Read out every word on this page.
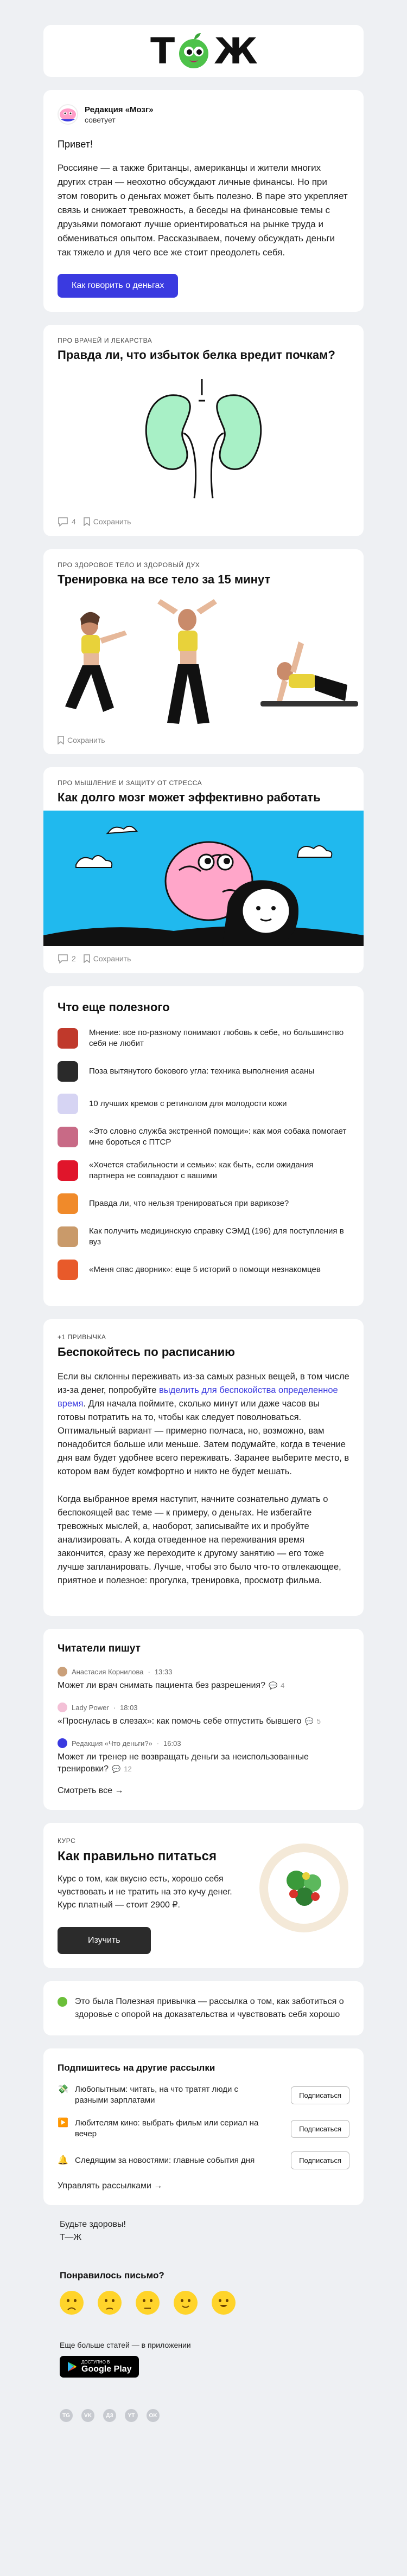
Т Ж
Редакция «Мозг»
советует
Привет!

Россияне — а также британцы, американцы и жители многих других стран — неохотно обсуждают личные финансы. Но при этом говорить о деньгах может быть полезно. В паре это укрепляет связь и снижает тревожность, а беседы на финансовые темы с друзьями помогают лучше ориентироваться на рынке труда и обмениваться опытом. Рассказываем, почему обсуждать деньги так тяжело и для чего все же стоит преодолеть себя.

Как говорить о деньгах
ПРО ВРАЧЕЙ И ЛЕКАРСТВА
Правда ли, что избыток белка вредит почкам?
4 Сохранить
ПРО ЗДОРОВОЕ ТЕЛО И ЗДОРОВЫЙ ДУХ
Тренировка на все тело за 15 минут
Сохранить
ПРО МЫШЛЕНИЕ И ЗАЩИТУ ОТ СТРЕССА
Как долго мозг может эффективно работать
2 Сохранить
Что еще полезного
Мнение: все по-разному понимают любовь к себе, но большинство себя не любит
Поза вытянутого бокового угла: техника выполнения асаны
10 лучших кремов с ретинолом для молодости кожи
«Это словно служба экстренной помощи»: как моя собака помогает мне бороться с ПТСР
«Хочется стабильности и семьи»: как быть, если ожидания партнера не совпадают с вашими
Правда ли, что нельзя тренироваться при варикозе?
Как получить медицинскую справку СЭМД (196) для поступления в вуз
«Меня спас дворник»: еще 5 историй о помощи незнакомцев
+1 ПРИВЫЧКА
Беспокойтесь по расписанию

Если вы склонны переживать из-за самых разных вещей, в том числе из-за денег, попробуйте выделить для беспокойства определенное время. Для начала поймите, сколько минут или даже часов вы готовы потратить на то, чтобы как следует поволноваться. Оптимальный вариант — примерно полчаса, но, возможно, вам понадобится больше или меньше. Затем подумайте, когда в течение дня вам будет удобнее всего переживать. Заранее выберите место, в котором вам будет комфортно и никто не будет мешать.

Когда выбранное время наступит, начните сознательно думать о беспокоящей вас теме — к примеру, о деньгах. Не избегайте тревожных мыслей, а, наоборот, записывайте их и пробуйте анализировать. А когда отведенное на переживания время закончится, сразу же переходите к другому занятию — его тоже лучше запланировать. Лучше, чтобы это было что-то отвлекающее, приятное и полезное: прогулка, тренировка, просмотр фильма.

Читатели пишут
Анастасия Корнилова · 13:33
Может ли врач снимать пациента без разрешения? 💬 4
Lady Power · 18:03
«Проснулась в слезах»: как помочь себе отпустить бывшего 💬 5
Редакция «Что деньги?» · 16:03
Может ли тренер не возвращать деньги за неиспользованные тренировки? 💬 12
Смотреть все →
КУРС
Как правильно питаться

Курс о том, как вкусно есть, хорошо себя чувствовать и не тратить на это кучу денег. Курс платный — стоит 2900 ₽.

Изучить
Это была Полезная привычка — рассылка о том, как заботиться о здоровье с опорой на доказательства и чувствовать себя хорошо
Подпишитесь на другие рассылки
💸 Любопытным: читать, на что тратят люди с разными зарплатами
Подписаться
▶️ Любителям кино: выбрать фильм или сериал на вечер
Подписаться
🔔 Следящим за новостями: главные события дня	Подписаться
Управлять рассылками →
Будьте здоровы!
Т—Ж
Понравилось письмо?
Еще больше статей — в приложении
ДОСТУПНО В
Google Play
TG	VK	ДЗ	YT	OK
